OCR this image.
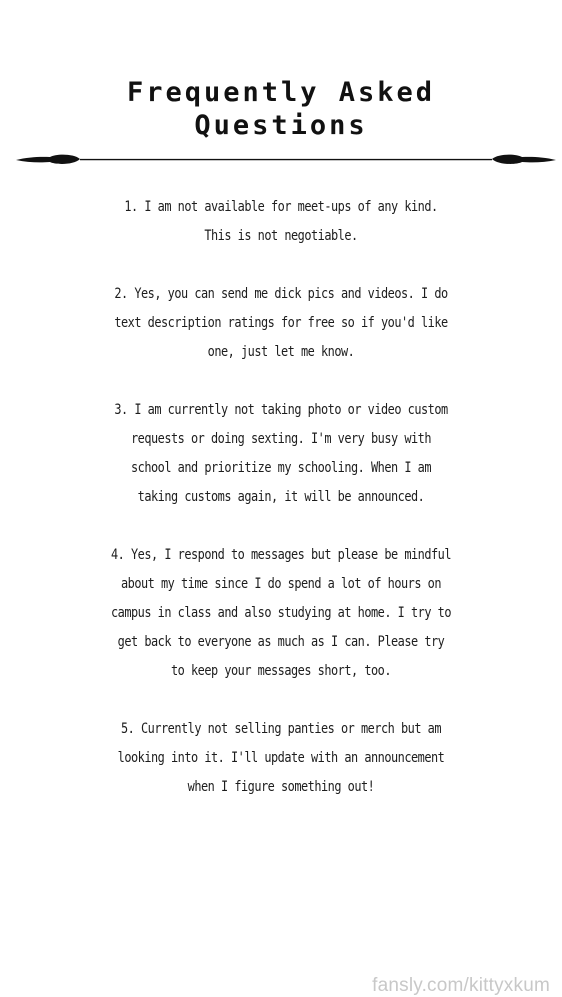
Frequently Asked
Questions
1. I am not available for meet-ups of any kind. This is not negotiable.
2. Yes, you can send me dick pics and videos. I do text description ratings for free so if you'd like one, just let me know.
3. I am currently not taking photo or video custom requests or doing sexting. I'm very busy with school and prioritize my schooling. When I am taking customs again, it will be announced.
4. Yes, I respond to messages but please be mindful about my time since I do spend a lot of hours on campus in class and also studying at home. I try to get back to everyone as much as I can. Please try to keep your messages short, too.
5. Currently not selling panties or merch but am looking into it. I'll update with an announcement when I figure something out!
fansly.com/kittyxkum
